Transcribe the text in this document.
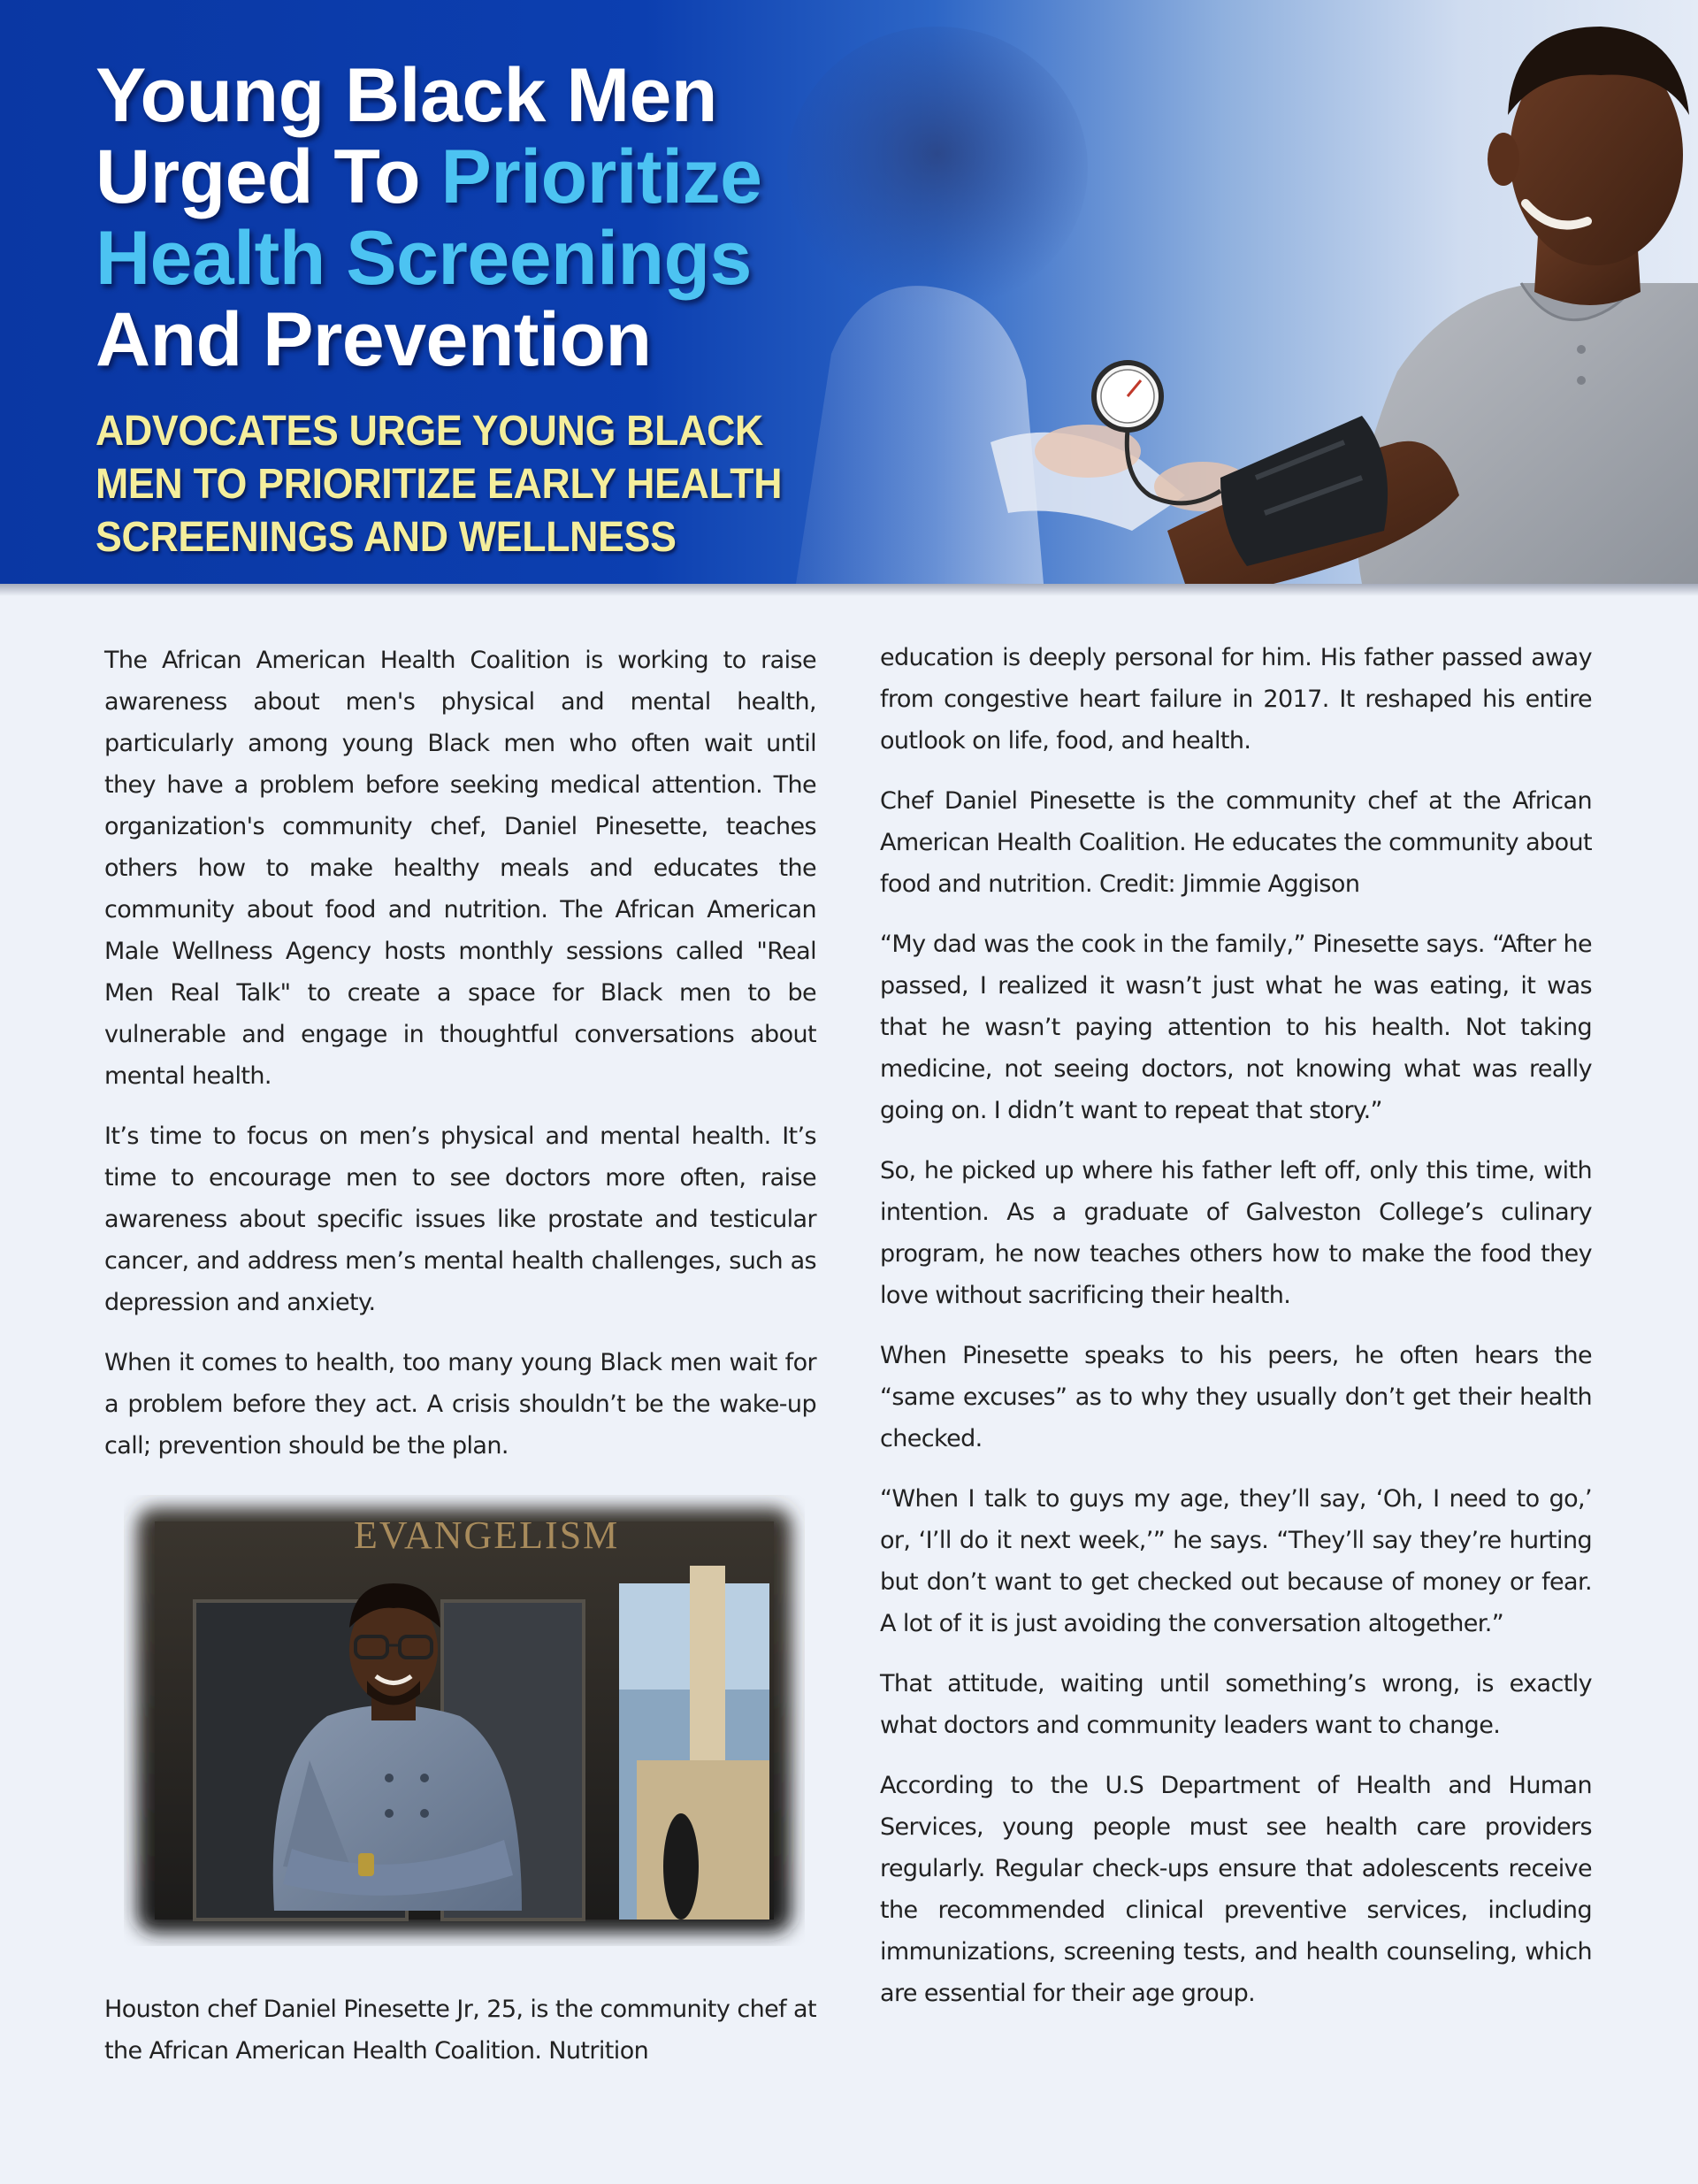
Young Black Men
Urged To Prioritize
Health Screenings
And Prevention
ADVOCATES URGE YOUNG BLACK
MEN TO PRIORITIZE EARLY HEALTH
SCREENINGS AND WELLNESS

The African American Health Coalition is working to raise awareness about men's physical and mental health, particularly among young Black men who often wait until they have a problem before seeking medical attention. The organization's community chef, Daniel Pinesette, teaches others how to make healthy meals and educates the community about food and nutrition. The African American Male Wellness Agency hosts monthly sessions called "Real Men Real Talk" to create a space for Black men to be vulnerable and engage in thoughtful conversations about mental health.

It’s time to focus on men’s physical and mental health. It’s time to encourage men to see doctors more often, raise awareness about specific issues like prostate and testicular cancer, and address men’s mental health challenges, such as depression and anxiety.

When it comes to health, too many young Black men wait for a problem before they act. A crisis shouldn’t be the wake-up call; prevention should be the plan.

EVANGELISM

Houston chef Daniel Pinesette Jr, 25, is the community chef at the African American Health Coalition. Nutrition

education is deeply personal for him. His father passed away from congestive heart failure in 2017. It reshaped his entire outlook on life, food, and health.

Chef Daniel Pinesette is the community chef at the African American Health Coalition. He educates the community about food and nutrition. Credit: Jimmie Aggison

“My dad was the cook in the family,” Pinesette says. “After he passed, I realized it wasn’t just what he was eating, it was that he wasn’t paying attention to his health. Not taking medicine, not seeing doctors, not knowing what was really going on. I didn’t want to repeat that story.”

So, he picked up where his father left off, only this time, with intention. As a graduate of Galveston College’s culinary program, he now teaches others how to make the food they love without sacrificing their health.

When Pinesette speaks to his peers, he often hears the “same excuses” as to why they usually don’t get their health checked.

“When I talk to guys my age, they’ll say, ‘Oh, I need to go,’ or, ‘I’ll do it next week,’” he says. “They’ll say they’re hurting but don’t want to get checked out because of money or fear. A lot of it is just avoiding the conversation altogether.”

That attitude, waiting until something’s wrong, is exactly what doctors and community leaders want to change.

According to the U.S Department of Health and Human Services, young people must see health care providers regularly. Regular check-ups ensure that adolescents receive the recommended clinical preventive services, including immunizations, screening tests, and health counseling, which are essential for their age group.
